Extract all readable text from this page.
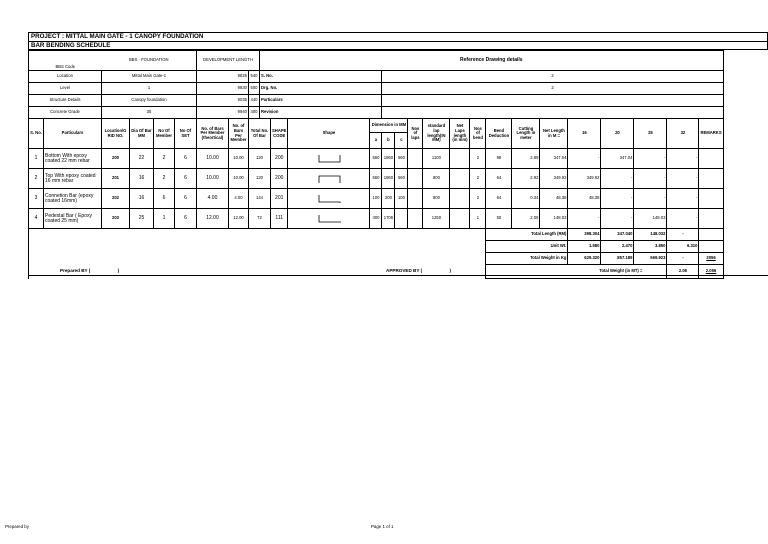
PROJECT : MITTAL MAIN GATE - 1 CANOPY FOUNDATION
BAR BENDING SCHEDULE
BBS Code		BBS - FOUNDATION				DEVELOPMENT LENGTH			Reference Drawing details																	
Location		Mittal Main Gate-1				9825		540	S. No.				2													
Level		1				9830		500	Drg. No.				2													
Structure Details		Canopy foundation				9035		440	Particulars																	
Concrete Grade		35				9940		400	Revision																	
S. No.	Particulars	Location/G RID NO.	Dia Of Bar MM	No Of Member	No Of SET	No. of Bars Per Member (theortical)	No. of Bars Per Member	Total No. Of Bar		SHAPE CODE	Shape	Dimension in MM			Nos of laps	standard lap length(IN MM)	Net Laps length (in mm)	Nos of bend	Bend Deduction	Cutting Length in meter	Net Length in M =	16	20	25	32	REMARKS
												a	b	c												
1	Bottom With epoxy coated 22 mm rebar	200	22	2	6	10.00	10.00	120		200		560	1860	560		1100		2	98	2.89	347.04	-	347.04	-	-	
2	Top With epoxy coated 16 mm rebar	201	16	2	6	10.00	10.00	120		200		560	1860	560		800		2	64	2.92	349.92	349.92	-	-	-	
3	Connetion Bar (epoxy coated 16mm)	202	16	6	6	4.00	4.00	144		201		100	200	100		800		2	64	0.34	48.38	48.38	-	-	-	
4	Pedestal Bar ( Epoxy coated 25 mm)	203	25	1	6	12.00	12.00	72		111		400	1706			1250		1	50	2.06	148.03	-	-	148.03	-	
																			Total Length (RM)			398.304	347.040	148.032	-	
																			Unit Wt.			1.580	2.470	3.850	6.310	
																			Total Weight in Kg			629.320	857.189	569.923	-	2056
																			Total Weight (in MT) =						2.06	2.056
Prepared BY (	)	APPROVED BY (	)
Prepared by	Page 1 of 1
